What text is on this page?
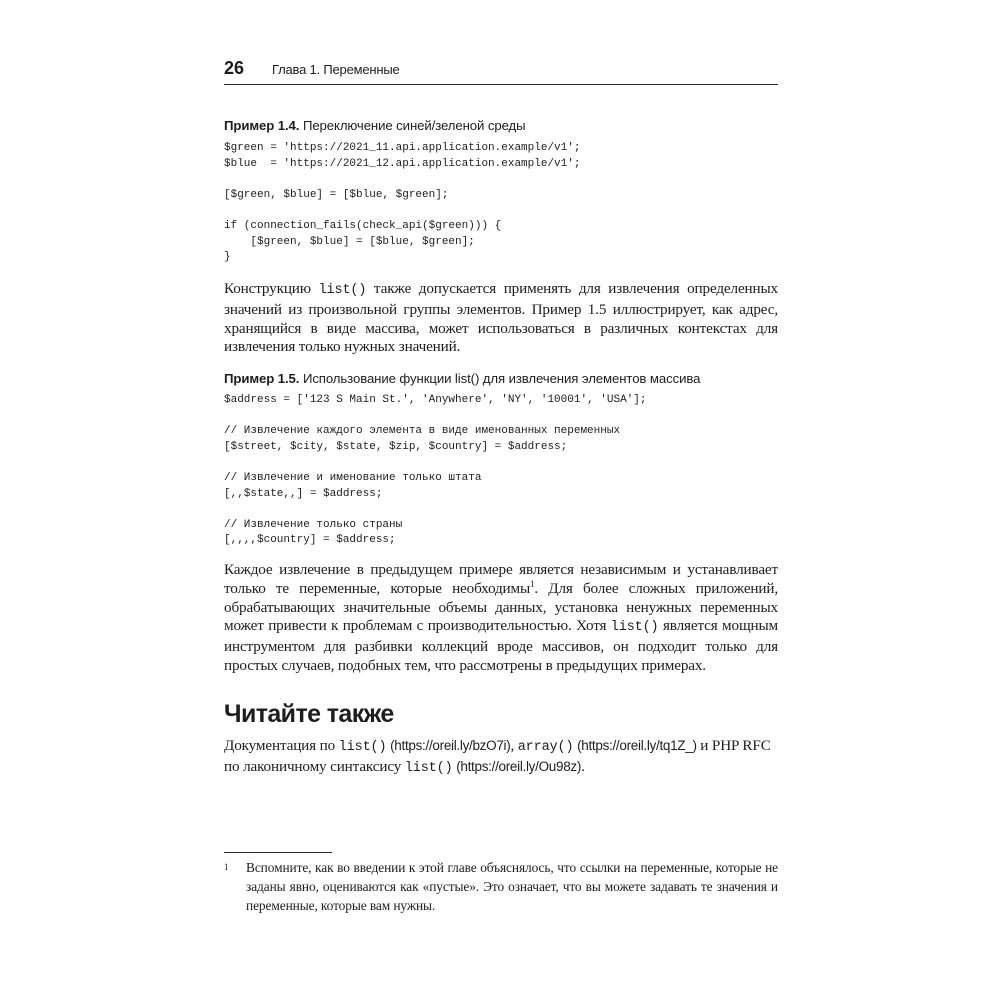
26 Глава 1. Переменные
Пример 1.4. Переключение синей/зеленой среды
$green = 'https://2021_11.api.application.example/v1';
$blue  = 'https://2021_12.api.application.example/v1';

[$green, $blue] = [$blue, $green];

if (connection_fails(check_api($green))) {
[$green, $blue] = [$blue, $green];
}
Конструкцию list() также допускается применять для извлечения определенных значений из произвольной группы элементов. Пример 1.5 иллюстрирует, как адрес, хранящийся в виде массива, может использоваться в различных контекстах для извлечения только нужных значений.
Пример 1.5. Использование функции list() для извлечения элементов массива
$address = ['123 S Main St.', 'Anywhere', 'NY', '10001', 'USA'];

// Извлечение каждого элемента в виде именованных переменных
[$street, $city, $state, $zip, $country] = $address;

// Извлечение и именование только штата
[,,$state,,] = $address;

// Извлечение только страны
[,,,,$country] = $address;
Каждое извлечение в предыдущем примере является независимым и устанавливает только те переменные, которые необходимы$^1$. Для более сложных приложений, обрабатывающих значительные объемы данных, установка ненужных переменных может привести к проблемам с производительностью. Хотя list() является мощным инструментом для разбивки коллекций вроде массивов, он подходит только для простых случаев, подобных тем, что рассмотрены в предыдущих примерах.
Читайте также
Документация по list() (https://oreil.ly/bzO7i), array() (https://oreil.ly/tq1Z_) и PHP RFC по лаконичному синтаксису list() (https://oreil.ly/Ou98z).
1	Вспомните, как во введении к этой главе объяснялось, что ссылки на переменные, которые не заданы явно, оцениваются как «пустые». Это означает, что вы можете задавать те значения и переменные, которые вам нужны.
